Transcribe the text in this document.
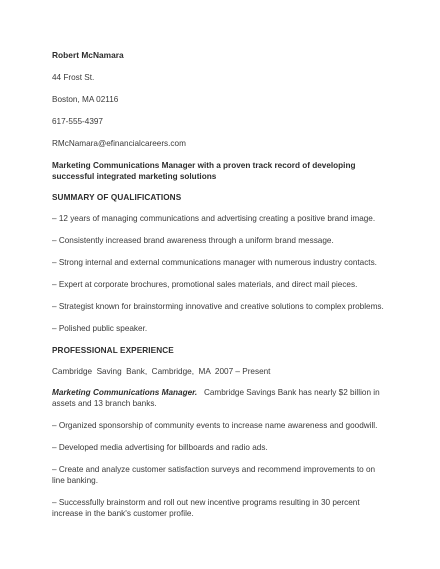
Robert McNamara
44 Frost St.
Boston, MA 02116
617-555-4397
RMcNamara@efinancialcareers.com
Marketing Communications Manager with a proven track record of developing successful integrated marketing solutions
SUMMARY OF QUALIFICATIONS
– 12 years of managing communications and advertising creating a positive brand image.
– Consistently increased brand awareness through a uniform brand message.
– Strong internal and external communications manager with numerous industry contacts.
– Expert at corporate brochures, promotional sales materials, and direct mail pieces.
– Strategist known for brainstorming innovative and creative solutions to complex problems.
– Polished public speaker.
PROFESSIONAL EXPERIENCE
Cambridge  Saving  Bank,  Cambridge,  MA  2007 – Present
Marketing Communications Manager.   Cambridge Savings Bank has nearly $2 billion in assets and 13 branch banks.
– Organized sponsorship of community events to increase name awareness and goodwill.
– Developed media advertising for billboards and radio ads.
– Create and analyze customer satisfaction surveys and recommend improvements to on line banking.
– Successfully brainstorm and roll out new incentive programs resulting in 30 percent increase in the bank's customer profile.
